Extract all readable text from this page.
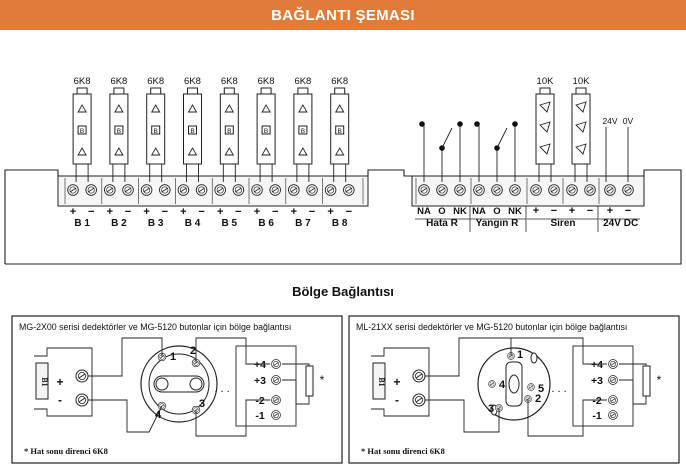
BAĞLANTI ŞEMASI
6K8
B
+ −
B 1
6K8
B
+ −
B 2
6K8
B
+ −
B 3
6K8
B
+ −
B 4
6K8
B
+ −
B 5
6K8
B
+ −
B 6
6K8
B
+ −
B 7
6K8
B
+ −
B 8
NA O NK
Hata R
NA O NK
Yangın R
+ − + −
10K 10K
Siren
24V 0V
+ −
24V DC
MG-2X00 serisi dedektörler ve MG-5120 butonlar için bölge bağlantısı
* Hat sonu direnci 6K8
B1 +
-
+4
+3
-2
-1
*
1 2
3
4
. . .
ML-21XX serisi dedektörler ve MG-5120 butonlar için bölge bağlantısı
* Hat sonu direnci 6K8
B1 +
-
+4
+3
-2
-1
*
1
2
3
4	5 . . .
Bölge Bağlantısı
